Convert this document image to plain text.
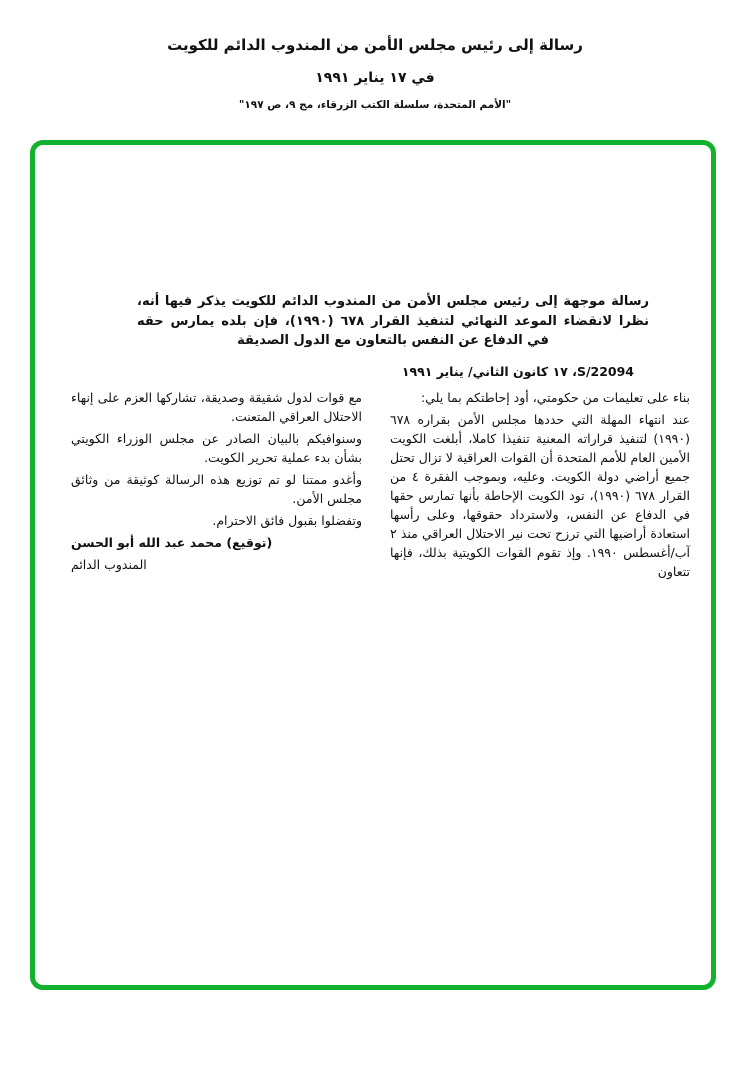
رسالة إلى رئيس مجلس الأمن من المندوب الدائم للكويت
في ١٧ يناير ١٩٩١
"الأمم المتحدة، سلسلة الكتب الزرقاء، مج ٩، ص ١٩٧"
رسالة موجهة إلى رئيس مجلس الأمن من المندوب الدائم للكويت يذكر فيها أنه، نظرا لانقضاء الموعد النهائي لتنفيذ القرار ٦٧٨ (١٩٩٠)، فإن بلده يمارس حقه في الدفاع عن النفس بالتعاون مع الدول الصديقة
S/22094، ١٧ كانون الثاني/ يناير ١٩٩١

بناء على تعليمات من حكومتي، أود إحاطتكم بما يلي:

عند انتهاء المهلة التي حددها مجلس الأمن بقراره ٦٧٨ (١٩٩٠) لتنفيذ قراراته المعنية تنفيذا كاملا، أبلغت الكويت الأمين العام للأمم المتحدة أن القوات العراقية لا تزال تحتل جميع أراضي دولة الكويت. وعليه، وبموجب الفقرة ٤ من القرار ٦٧٨ (١٩٩٠)، تود الكويت الإحاطة بأنها تمارس حقها في الدفاع عن النفس، ولاسترداد حقوقها، وعلى رأسها استعادة أراضيها التي ترزح تحت نير الاحتلال العراقي منذ ٢ آب/أغسطس ١٩٩٠. وإذ تقوم القوات الكويتية بذلك، فإنها تتعاون

مع قوات لدول شقيقة وصديقة، تشاركها العزم على إنهاء الاحتلال العراقي المتعنت.

وسنوافيكم بالبيان الصادر عن مجلس الوزراء الكويتي بشأن بدء عملية تحرير الكويت.

وأغدو ممتنا لو تم توزيع هذه الرسالة كوثيقة من وثائق مجلس الأمن.

وتفضلوا بقبول فائق الاحترام.

(توقيع) محمد عبد الله أبو الحسن

المندوب الدائم
